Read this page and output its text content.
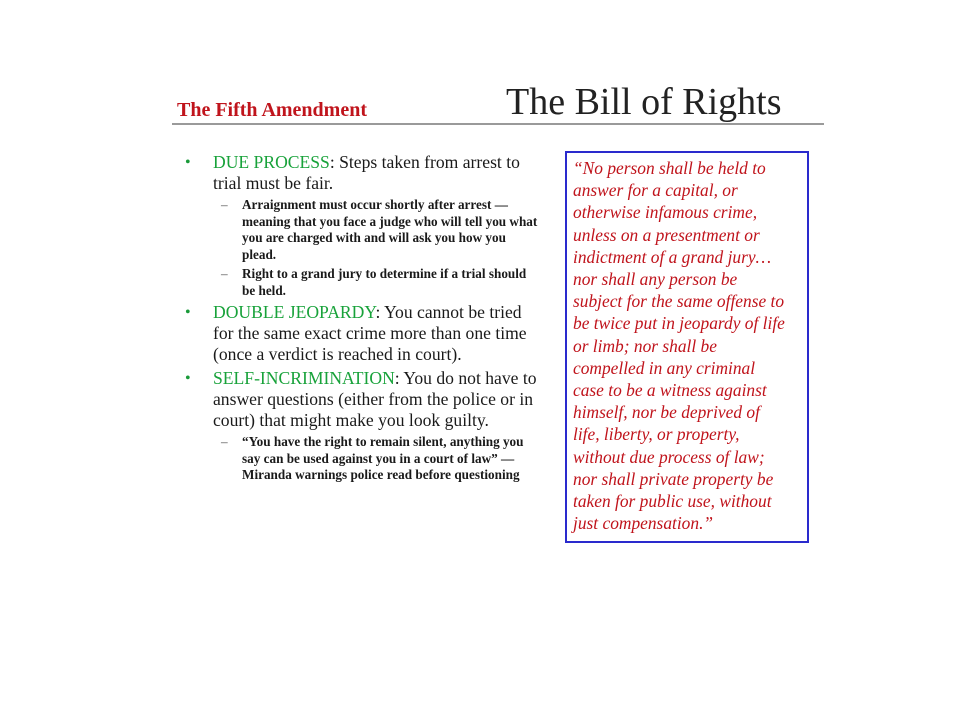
The Fifth Amendment	The Bill of Rights
• DUE PROCESS: Steps taken from arrest to trial must be fair.
– Arraignment must occur shortly after arrest — meaning that you face a judge who will tell you what you are charged with and will ask you how you plead.
– Right to a grand jury to determine if a trial should be held.
• DOUBLE JEOPARDY: You cannot be tried for the same exact crime more than one time (once a verdict is reached in court).
• SELF-INCRIMINATION: You do not have to answer questions (either from the police or in court) that might make you look guilty.
– “You have the right to remain silent, anything you say can be used against you in a court of law” — Miranda warnings police read before questioning

“No person shall be held to
answer for a capital, or
otherwise infamous crime,
unless on a presentment or
indictment of a grand jury…
nor shall any person be
subject for the same offense to
be twice put in jeopardy of life
or limb; nor shall be
compelled in any criminal
case to be a witness against
himself, nor be deprived of
life, liberty, or property,
without due process of law;
nor shall private property be
taken for public use, without
just compensation.”
